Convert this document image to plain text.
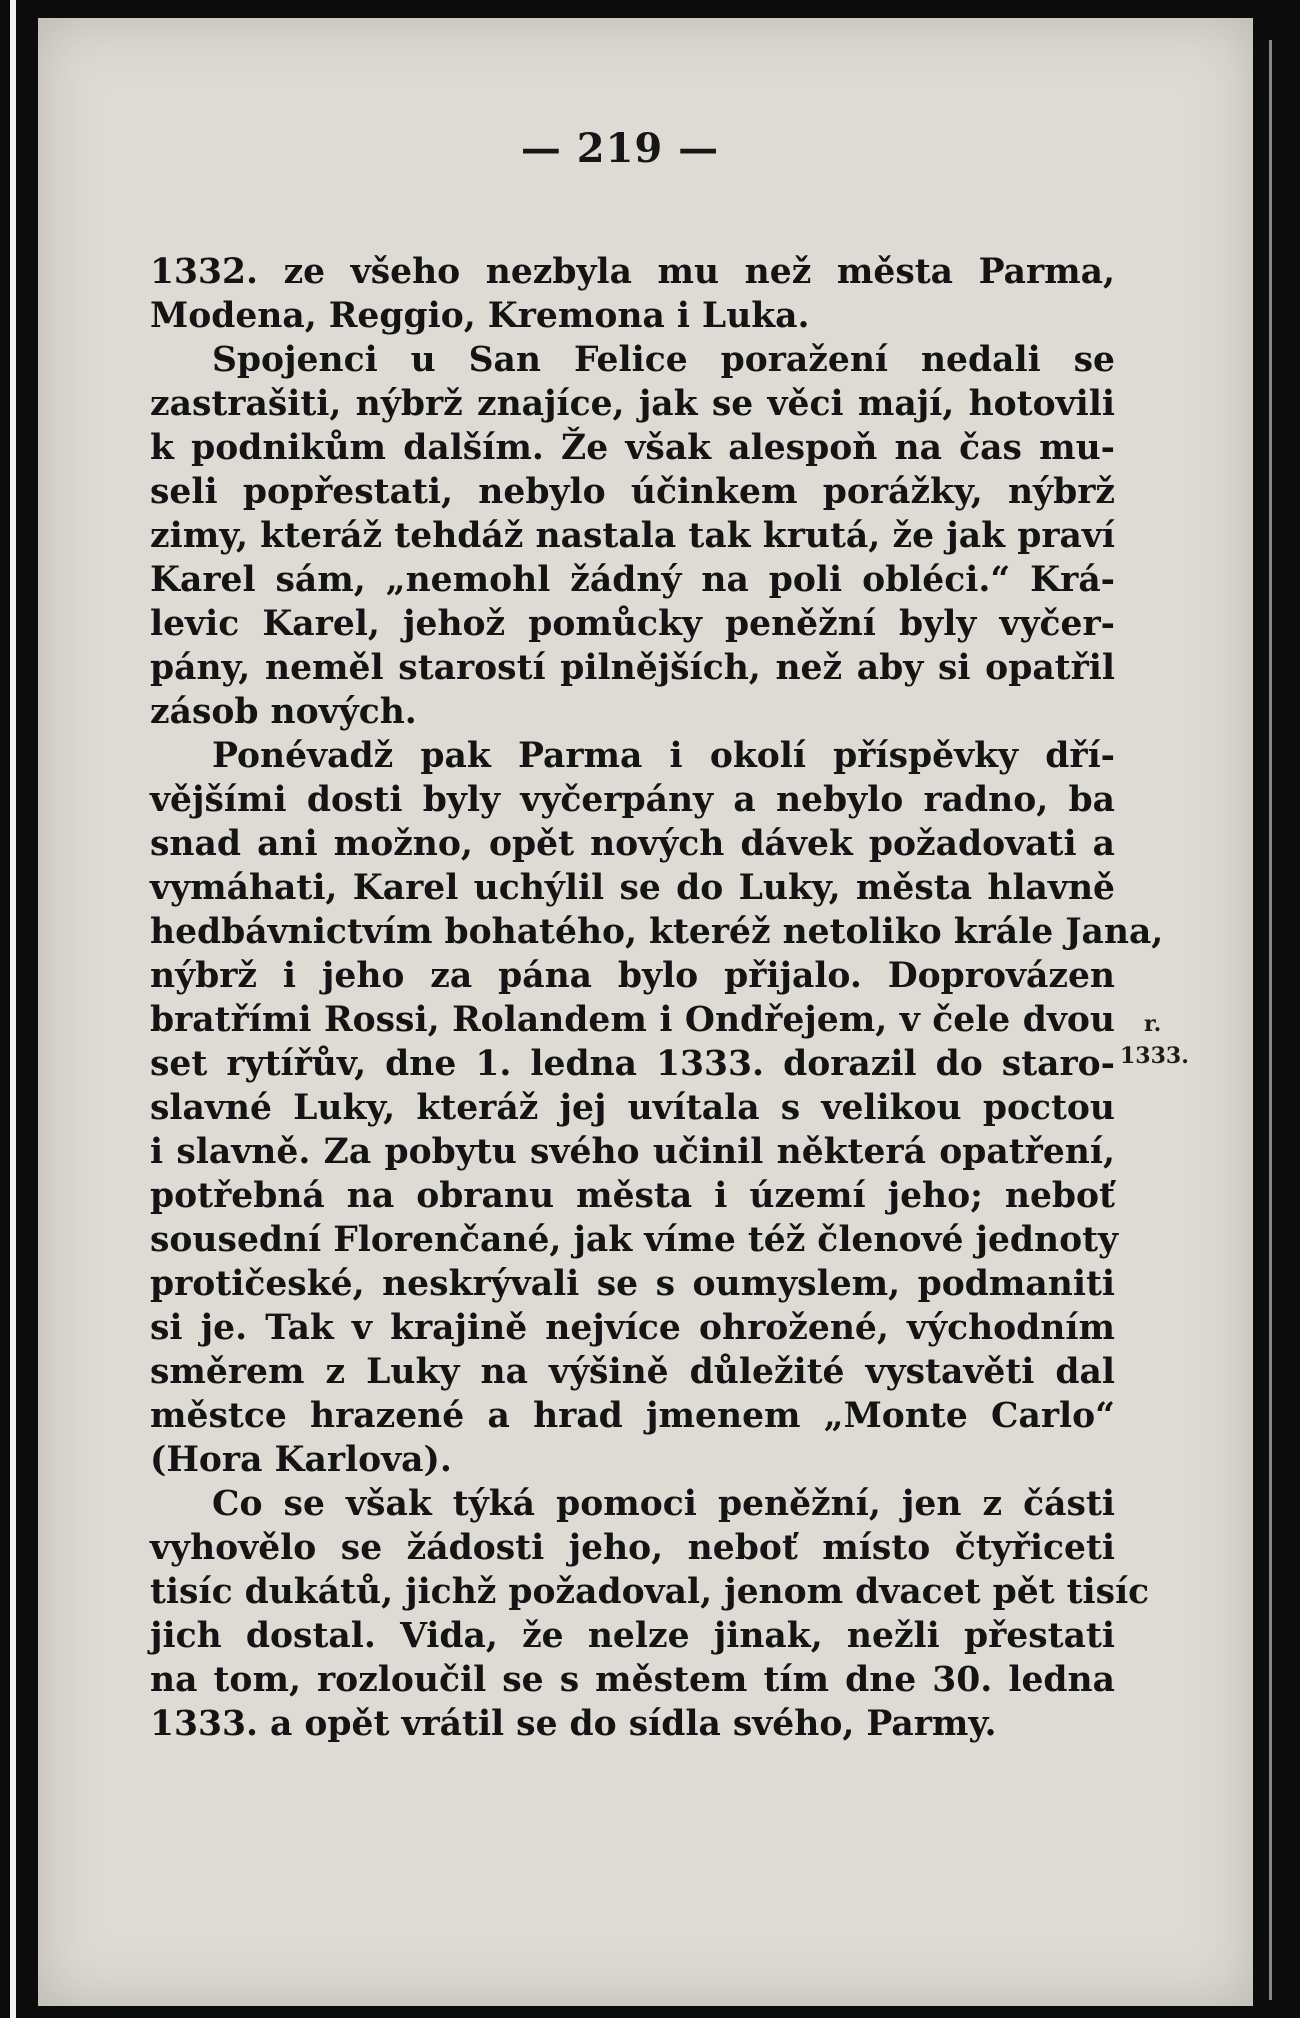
— 219 —
1332. ze všeho nezbyla mu než města Parma,
Modena, Reggio, Kremona i Luka.
Spojenci u San Felice poražení nedali se
zastrašiti, nýbrž znajíce, jak se věci mají, hotovili
k podnikům dalším. Že však alespoň na čas mu-
seli popřestati, nebylo účinkem porážky, nýbrž
zimy, kteráž tehdáž nastala tak krutá, že jak praví
Karel sám, „nemohl žádný na poli obléci.“ Krá-
levic Karel, jehož pomůcky peněžní byly vyčer-
pány, neměl starostí pilnějších, než aby si opatřil
zásob nových.
Ponévadž pak Parma i okolí příspěvky dří-
vějšími dosti byly vyčerpány a nebylo radno, ba
snad ani možno, opět nových dávek požadovati a
vymáhati, Karel uchýlil se do Luky, města hlavně
hedbávnictvím bohatého, kteréž netoliko krále Jana,
nýbrž i jeho za pána bylo přijalo. Doprovázen
bratřími Rossi, Rolandem i Ondřejem, v čele dvou
set rytířův, dne 1. ledna 1333. dorazil do staro-
slavné Luky, kteráž jej uvítala s velikou poctou
i slavně. Za pobytu svého učinil některá opatření,
potřebná na obranu města i území jeho; neboť
sousední Florenčané, jak víme též členové jednoty
protičeské, neskrývali se s oumyslem, podmaniti
si je. Tak v krajině nejvíce ohrožené, východním
směrem z Luky na výšině důležité vystavěti dal
městce hrazené a hrad jmenem „Monte Carlo“
(Hora Karlova).
Co se však týká pomoci peněžní, jen z části
vyhovělo se žádosti jeho, neboť místo čtyřiceti
tisíc dukátů, jichž požadoval, jenom dvacet pět tisíc
jich dostal. Vida, že nelze jinak, nežli přestati
na tom, rozloučil se s městem tím dne 30. ledna
1333. a opět vrátil se do sídla svého, Parmy.
r.
1333.
